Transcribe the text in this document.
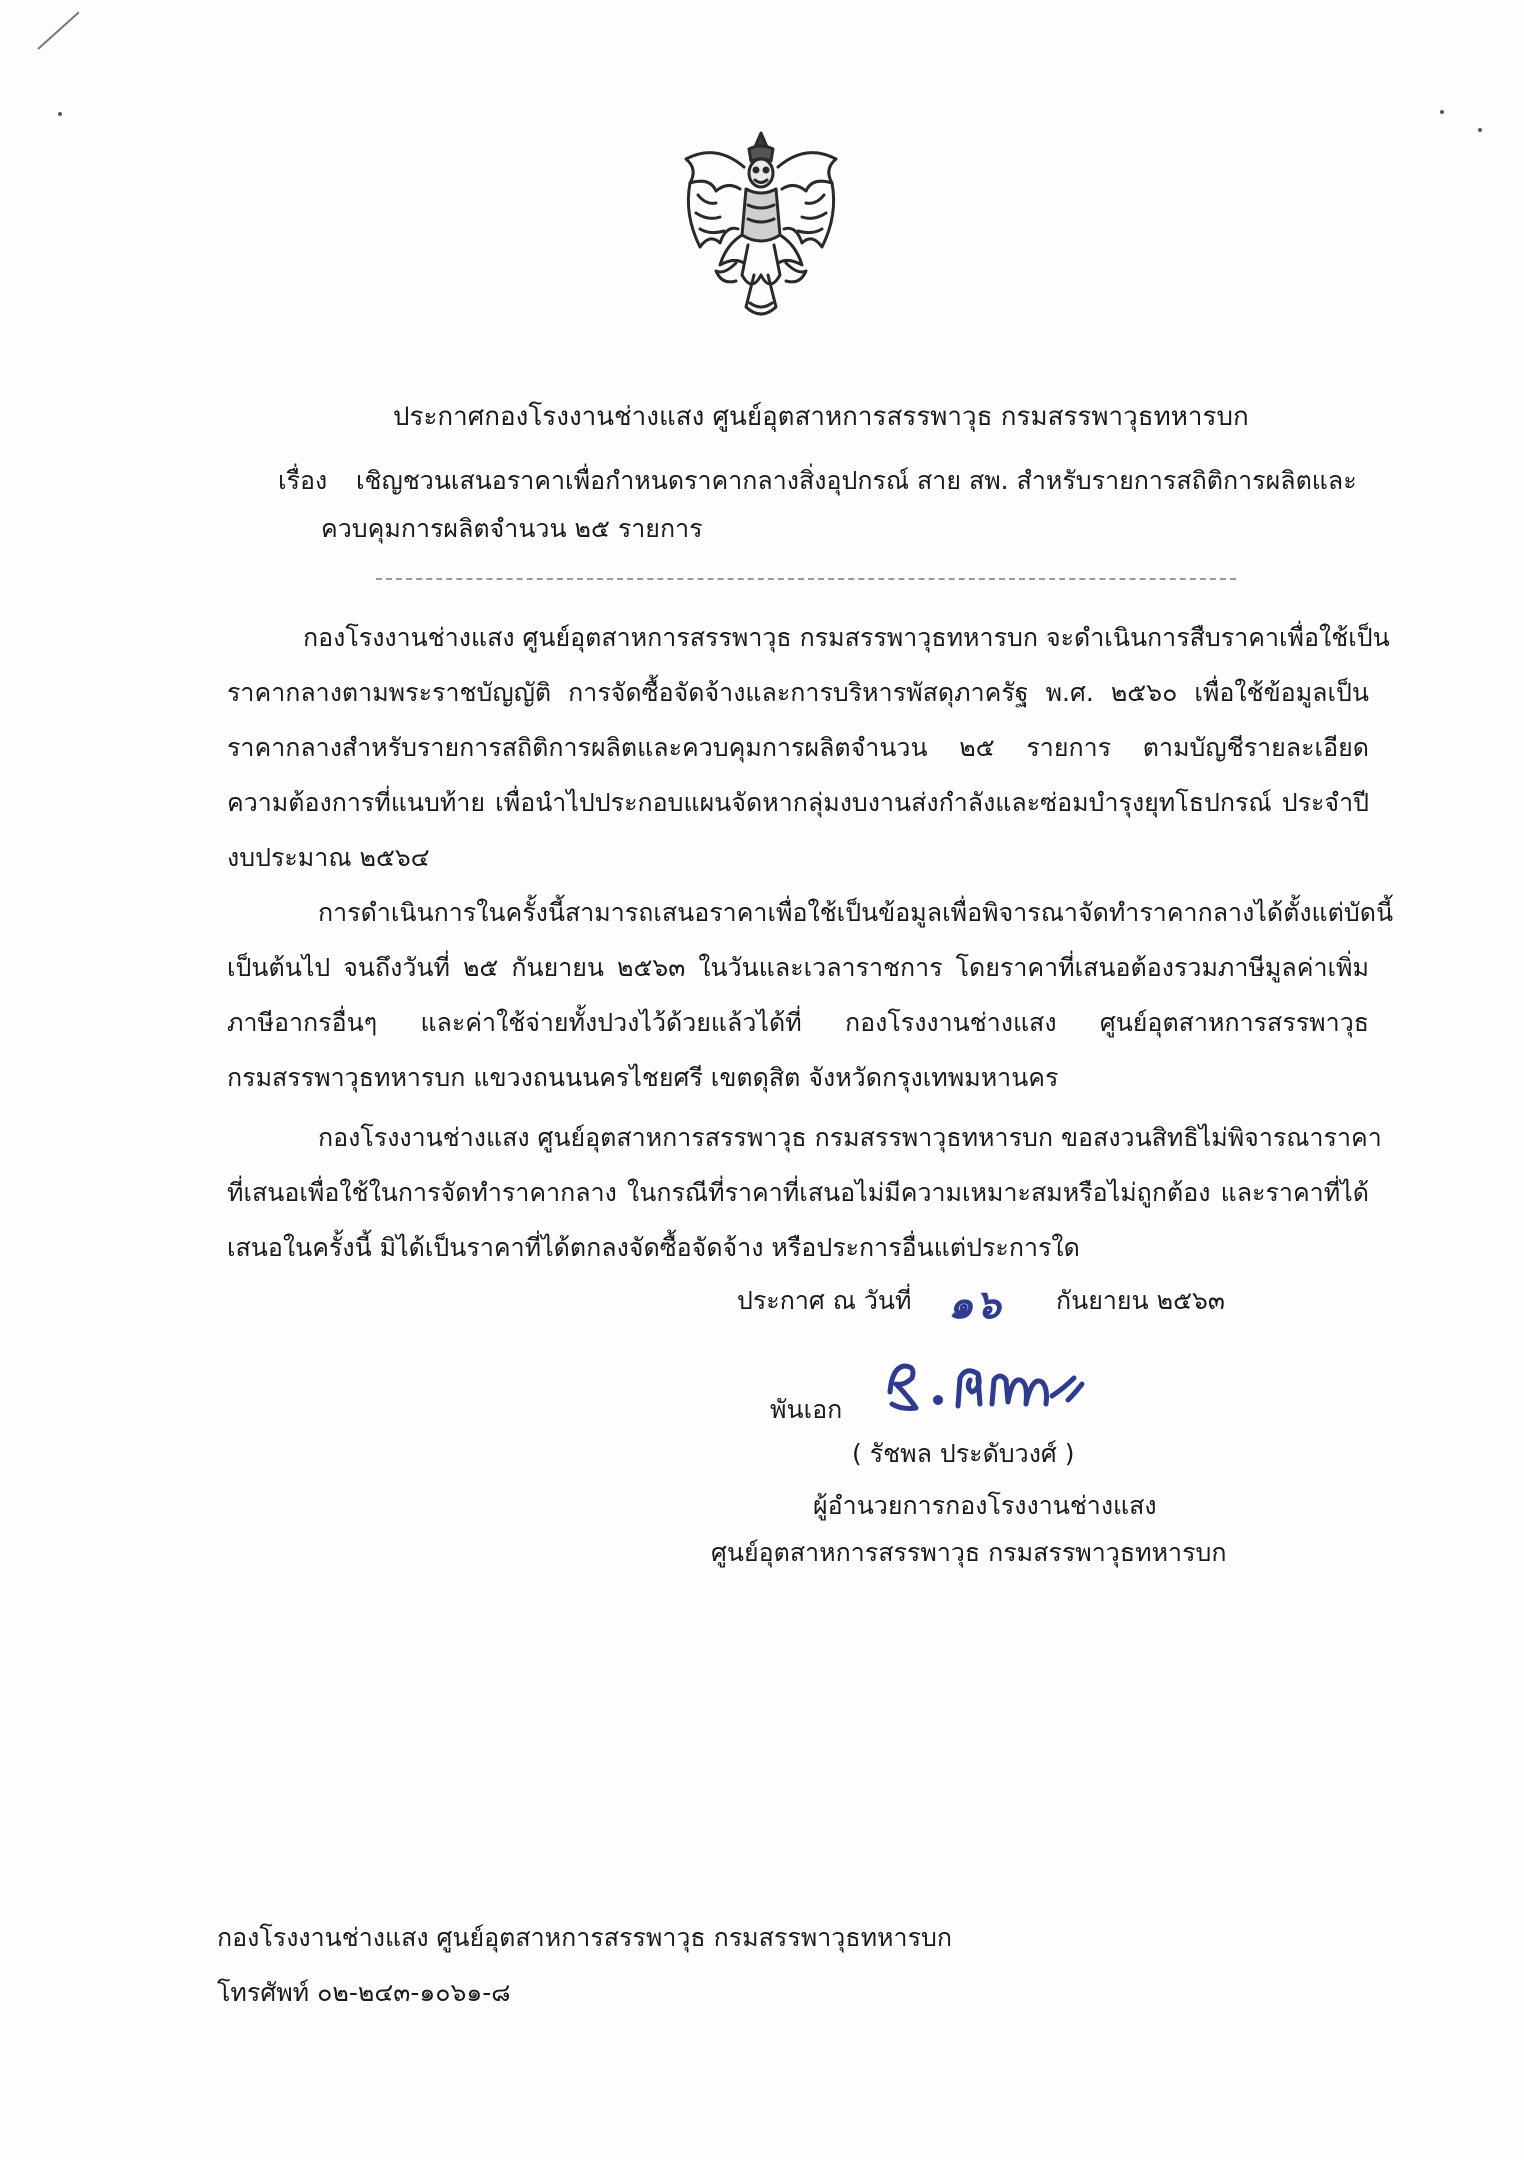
ประกาศกองโรงงานช่างแสง ศูนย์อุตสาหการสรรพาวุธ กรมสรรพาวุธทหารบก
เรื่อง เชิญชวนเสนอราคาเพื่อกำหนดราคากลางสิ่งอุปกรณ์ สาย สพ. สำหรับรายการสถิติการผลิตและ
ควบคุมการผลิตจำนวน ๒๕ รายการ
กองโรงงานช่างแสง ศูนย์อุตสาหการสรรพาวุธ กรมสรรพาวุธทหารบก จะดำเนินการสืบราคาเพื่อใช้เป็น
ราคากลางตามพระราชบัญญัติ การจัดซื้อจัดจ้างและการบริหารพัสดุภาครัฐ พ.ศ. ๒๕๖๐ เพื่อใช้ข้อมูลเป็น
ราคากลางสำหรับรายการสถิติการผลิตและควบคุมการผลิตจำนวน ๒๕ รายการ ตามบัญชีรายละเอียด
ความต้องการที่แนบท้าย เพื่อนำไปประกอบแผนจัดหากลุ่มงบงานส่งกำลังและซ่อมบำรุงยุทโธปกรณ์ ประจำปี
งบประมาณ ๒๕๖๔
การดำเนินการในครั้งนี้สามารถเสนอราคาเพื่อใช้เป็นข้อมูลเพื่อพิจารณาจัดทำราคากลางได้ตั้งแต่บัดนี้
เป็นต้นไป จนถึงวันที่ ๒๕ กันยายน ๒๕๖๓ ในวันและเวลาราชการ โดยราคาที่เสนอต้องรวมภาษีมูลค่าเพิ่ม
ภาษีอากรอื่นๆ และค่าใช้จ่ายทั้งปวงไว้ด้วยแล้วได้ที่ กองโรงงานช่างแสง ศูนย์อุตสาหการสรรพาวุธ
กรมสรรพาวุธทหารบก แขวงถนนนครไชยศรี เขตดุสิต จังหวัดกรุงเทพมหานคร
กองโรงงานช่างแสง ศูนย์อุตสาหการสรรพาวุธ กรมสรรพาวุธทหารบก ขอสงวนสิทธิไม่พิจารณาราคา
ที่เสนอเพื่อใช้ในการจัดทำราคากลาง ในกรณีที่ราคาที่เสนอไม่มีความเหมาะสมหรือไม่ถูกต้อง และราคาที่ได้
เสนอในครั้งนี้ มิได้เป็นราคาที่ได้ตกลงจัดซื้อจัดจ้าง หรือประการอื่นแต่ประการใด
ประกาศ ณ วันที่ ๑๖ กันยายน ๒๕๖๓
พันเอก
( รัชพล ประดับวงศ์ )
ผู้อำนวยการกองโรงงานช่างแสง
ศูนย์อุตสาหการสรรพาวุธ กรมสรรพาวุธทหารบก
กองโรงงานช่างแสง ศูนย์อุตสาหการสรรพาวุธ กรมสรรพาวุธทหารบก
โทรศัพท์ ๐๒-๒๔๓-๑๐๖๑-๘
